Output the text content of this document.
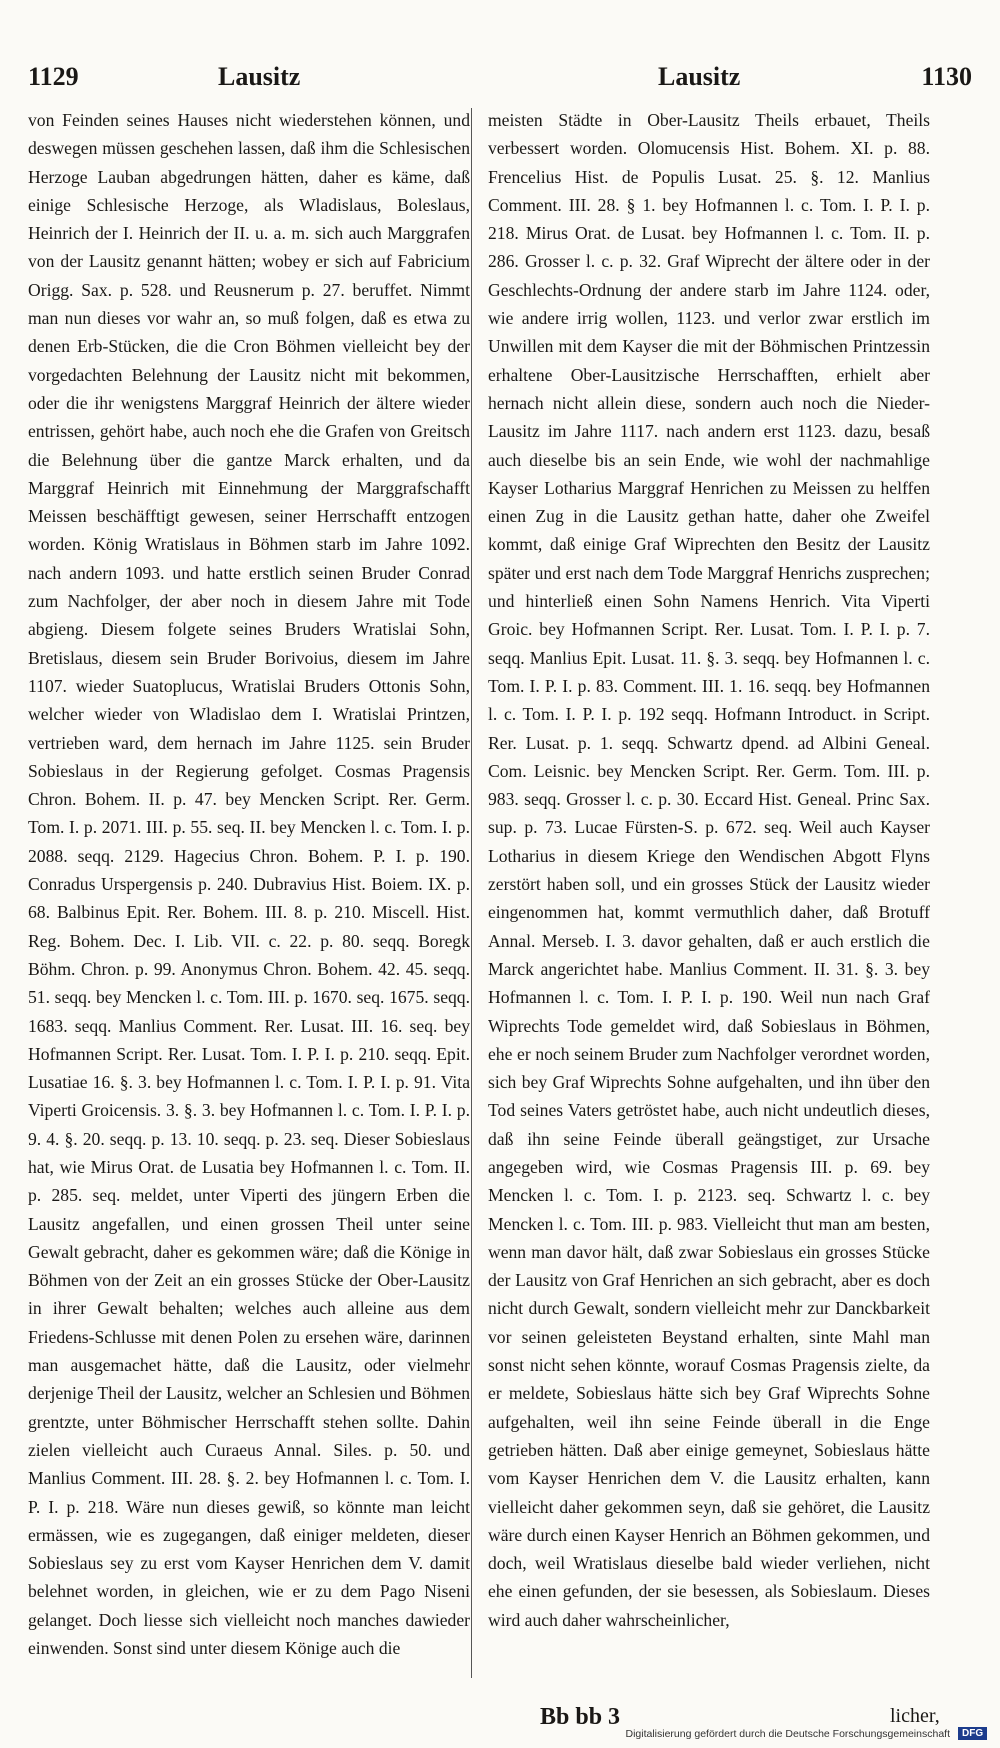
1129	Lausitz	Lausitz	1130

von Feinden seines Hauses nicht wiederstehen können, und deswegen müssen geschehen lassen, daß ihm die Schlesischen Herzoge Lauban abgedrungen hätten, daher es käme, daß einige Schlesische Herzoge, als Wladislaus, Boleslaus, Heinrich der I. Heinrich der II. u. a. m. sich auch Marggrafen von der Lausitz genannt hätten; wobey er sich auf Fabricium Origg. Sax. p. 528. und Reusnerum p. 27. beruffet. Nimmt man nun dieses vor wahr an, so muß folgen, daß es etwa zu denen Erb-Stücken, die die Cron Böhmen vielleicht bey der vorgedachten Belehnung der Lausitz nicht mit bekommen, oder die ihr wenigstens Marggraf Heinrich der ältere wieder entrissen, gehört habe, auch noch ehe die Grafen von Greitsch die Belehnung über die gantze Marck erhalten, und da Marggraf Heinrich mit Einnehmung der Marggrafschafft Meissen beschäfftigt gewesen, seiner Herrschafft entzogen worden. König Wratislaus in Böhmen starb im Jahre 1092. nach andern 1093. und hatte erstlich seinen Bruder Conrad zum Nachfolger, der aber noch in diesem Jahre mit Tode abgieng. Diesem folgete seines Bruders Wratislai Sohn, Bretislaus, diesem sein Bruder Borivoius, diesem im Jahre 1107. wieder Suatoplucus, Wratislai Bruders Ottonis Sohn, welcher wieder von Wladislao dem I. Wratislai Printzen, vertrieben ward, dem hernach im Jahre 1125. sein Bruder Sobieslaus in der Regierung gefolget. Cosmas Pragensis Chron. Bohem. II. p. 47. bey Mencken Script. Rer. Germ. Tom. I. p. 2071. III. p. 55. seq. II. bey Mencken l. c. Tom. I. p. 2088. seqq. 2129. Hagecius Chron. Bohem. P. I. p. 190. Conradus Urspergensis p. 240. Dubravius Hist. Boiem. IX. p. 68. Balbinus Epit. Rer. Bohem. III. 8. p. 210. Miscell. Hist. Reg. Bohem. Dec. I. Lib. VII. c. 22. p. 80. seqq. Boregk Böhm. Chron. p. 99. Anonymus Chron. Bohem. 42. 45. seqq. 51. seqq. bey Mencken l. c. Tom. III. p. 1670. seq. 1675. seqq. 1683. seqq. Manlius Comment. Rer. Lusat. III. 16. seq. bey Hofmannen Script. Rer. Lusat. Tom. I. P. I. p. 210. seqq. Epit. Lusatiae 16. §. 3. bey Hofmannen l. c. Tom. I. P. I. p. 91. Vita Viperti Groicensis. 3. §. 3. bey Hofmannen l. c. Tom. I. P. I. p. 9. 4. §. 20. seqq. p. 13. 10. seqq. p. 23. seq. Dieser Sobieslaus hat, wie Mirus Orat. de Lusatia bey Hofmannen l. c. Tom. II. p. 285. seq. meldet, unter Viperti des jüngern Erben die Lausitz angefallen, und einen grossen Theil unter seine Gewalt gebracht, daher es gekommen wäre; daß die Könige in Böhmen von der Zeit an ein grosses Stücke der Ober-Lausitz in ihrer Gewalt behalten; welches auch alleine aus dem Friedens-Schlusse mit denen Polen zu ersehen wäre, darinnen man ausgemachet hätte, daß die Lausitz, oder vielmehr derjenige Theil der Lausitz, welcher an Schlesien und Böhmen grentzte, unter Böhmischer Herrschafft stehen sollte. Dahin zielen vielleicht auch Curaeus Annal. Siles. p. 50. und Manlius Comment. III. 28. §. 2. bey Hofmannen l. c. Tom. I. P. I. p. 218. Wäre nun dieses gewiß, so könnte man leicht ermässen, wie es zugegangen, daß einiger meldeten, dieser Sobieslaus sey zu erst vom Kayser Henrichen dem V. damit belehnet worden, in gleichen, wie er zu dem Pago Niseni gelanget. Doch liesse sich vielleicht noch manches dawieder einwenden. Sonst sind unter diesem Könige auch die

meisten Städte in Ober-Lausitz Theils erbauet, Theils verbessert worden. Olomucensis Hist. Bohem. XI. p. 88. Frencelius Hist. de Populis Lusat. 25. §. 12. Manlius Comment. III. 28. § 1. bey Hofmannen l. c. Tom. I. P. I. p. 218. Mirus Orat. de Lusat. bey Hofmannen l. c. Tom. II. p. 286. Grosser l. c. p. 32. Graf Wiprecht der ältere oder in der Geschlechts-Ordnung der andere starb im Jahre 1124. oder, wie andere irrig wollen, 1123. und verlor zwar erstlich im Unwillen mit dem Kayser die mit der Böhmischen Printzessin erhaltene Ober-Lausitzische Herrschafften, erhielt aber hernach nicht allein diese, sondern auch noch die Nieder-Lausitz im Jahre 1117. nach andern erst 1123. dazu, besaß auch dieselbe bis an sein Ende, wie wohl der nachmahlige Kayser Lotharius Marggraf Henrichen zu Meissen zu helffen einen Zug in die Lausitz gethan hatte, daher ohe Zweifel kommt, daß einige Graf Wiprechten den Besitz der Lausitz später und erst nach dem Tode Marggraf Henrichs zusprechen; und hinterließ einen Sohn Namens Henrich. Vita Viperti Groic. bey Hofmannen Script. Rer. Lusat. Tom. I. P. I. p. 7. seqq. Manlius Epit. Lusat. 11. §. 3. seqq. bey Hofmannen l. c. Tom. I. P. I. p. 83. Comment. III. 1. 16. seqq. bey Hofmannen l. c. Tom. I. P. I. p. 192 seqq. Hofmann Introduct. in Script. Rer. Lusat. p. 1. seqq. Schwartz dpend. ad Albini Geneal. Com. Leisnic. bey Mencken Script. Rer. Germ. Tom. III. p. 983. seqq. Grosser l. c. p. 30. Eccard Hist. Geneal. Princ Sax. sup. p. 73. Lucae Fürsten-S. p. 672. seq. Weil auch Kayser Lotharius in diesem Kriege den Wendischen Abgott Flyns zerstört haben soll, und ein grosses Stück der Lausitz wieder eingenommen hat, kommt vermuthlich daher, daß Brotuff Annal. Merseb. I. 3. davor gehalten, daß er auch erstlich die Marck angerichtet habe. Manlius Comment. II. 31. §. 3. bey Hofmannen l. c. Tom. I. P. I. p. 190. Weil nun nach Graf Wiprechts Tode gemeldet wird, daß Sobieslaus in Böhmen, ehe er noch seinem Bruder zum Nachfolger verordnet worden, sich bey Graf Wiprechts Sohne aufgehalten, und ihn über den Tod seines Vaters getröstet habe, auch nicht undeutlich dieses, daß ihn seine Feinde überall geängstiget, zur Ursache angegeben wird, wie Cosmas Pragensis III. p. 69. bey Mencken l. c. Tom. I. p. 2123. seq. Schwartz l. c. bey Mencken l. c. Tom. III. p. 983. Vielleicht thut man am besten, wenn man davor hält, daß zwar Sobieslaus ein grosses Stücke der Lausitz von Graf Henrichen an sich gebracht, aber es doch nicht durch Gewalt, sondern vielleicht mehr zur Danckbarkeit vor seinen geleisteten Beystand erhalten, sinte Mahl man sonst nicht sehen könnte, worauf Cosmas Pragensis zielte, da er meldete, Sobieslaus hätte sich bey Graf Wiprechts Sohne aufgehalten, weil ihn seine Feinde überall in die Enge getrieben hätten. Daß aber einige gemeynet, Sobieslaus hätte vom Kayser Henrichen dem V. die Lausitz erhalten, kann vielleicht daher gekommen seyn, daß sie gehöret, die Lausitz wäre durch einen Kayser Henrich an Böhmen gekommen, und doch, weil Wratislaus dieselbe bald wieder verliehen, nicht ehe einen gefunden, der sie besessen, als Sobieslaum. Dieses wird auch daher wahrscheinlicher,

Bb bb 3	licher,
Digitalisierung gefördert durch die Deutsche Forschungsgemeinschaft	DFG
